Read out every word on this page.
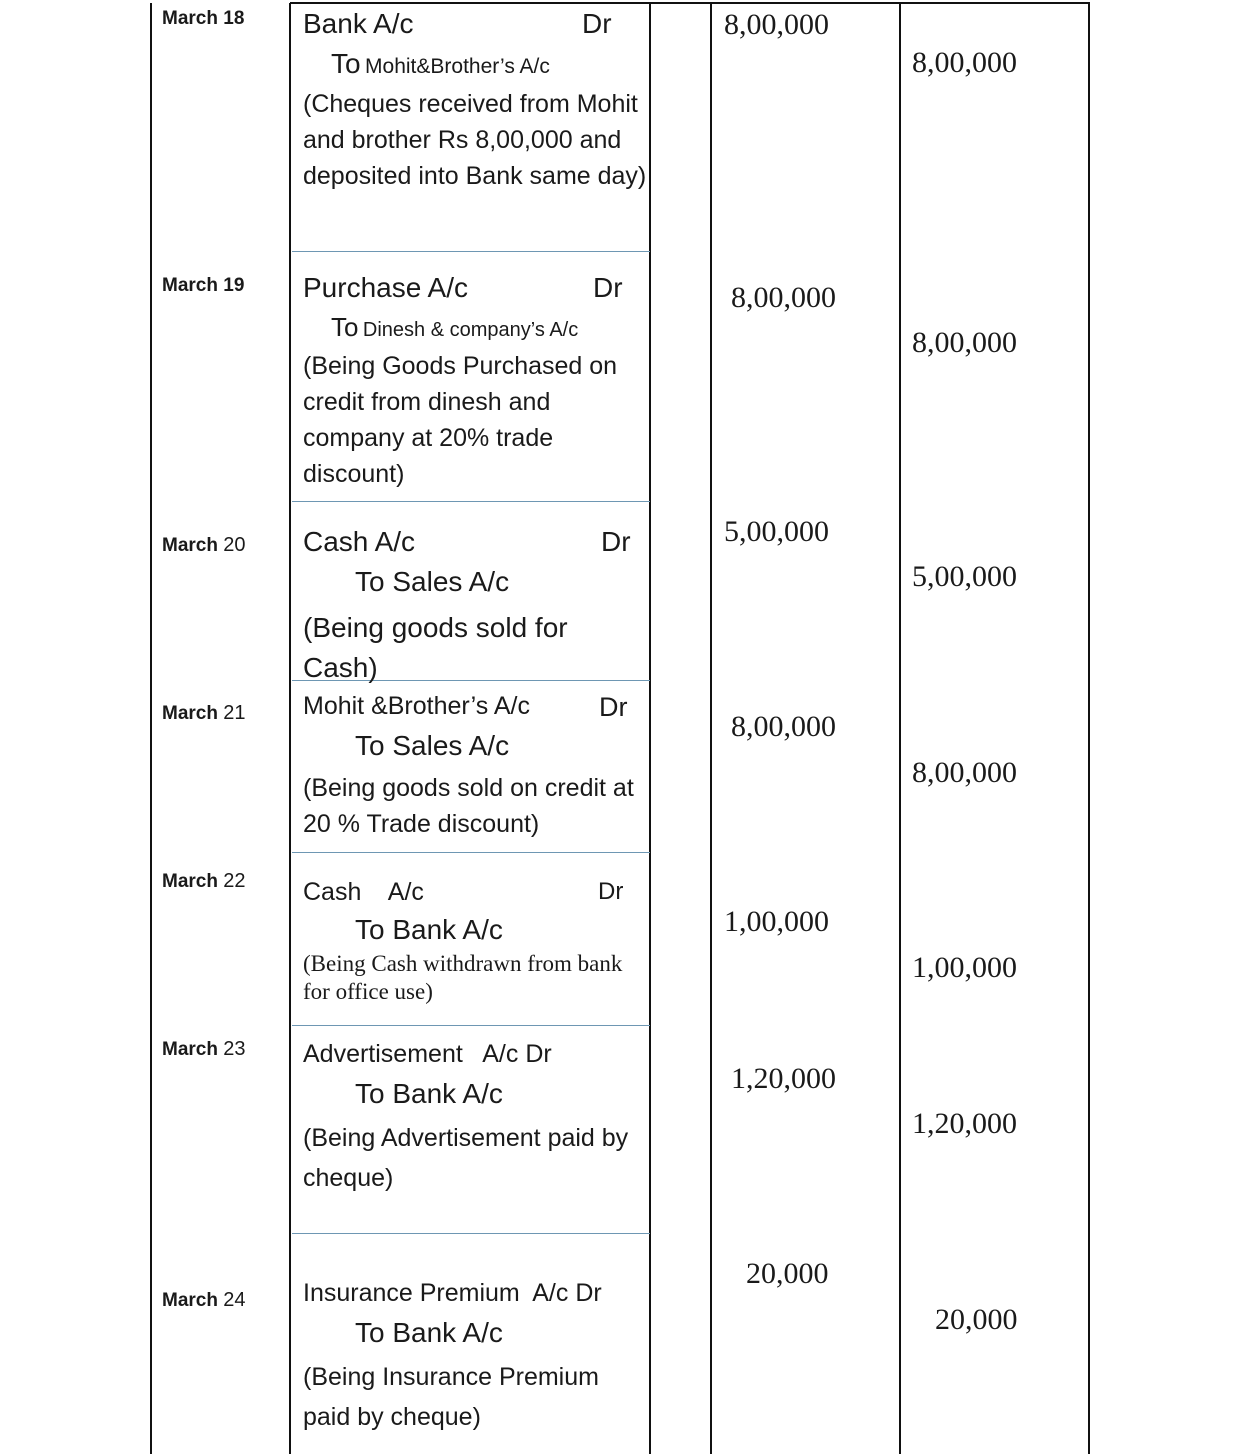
March 18 Bank A/c	Dr
To Mohit&Brother’s A/c
(Cheques received from Mohit and brother Rs 8,00,000 and deposited into Bank same day)
8,00,000
8,00,000
March 19 Purchase A/c	Dr
To Dinesh & company’s A/c
(Being Goods Purchased on credit from dinesh and company at 20% trade discount)
8,00,000
8,00,000
March 20 Cash A/c	Dr
To Sales A/c
(Being goods sold for Cash)
5,00,000
5,00,000
March 21 Mohit &Brother’s A/c	Dr
To Sales A/c
(Being goods sold on credit at 20 % Trade discount)
8,00,000
8,00,000
March 22 Cash    A/c	Dr
To Bank A/c
(Being Cash withdrawn from bank for office use)
1,00,000
1,00,000
March 23 Advertisement   A/c Dr
To Bank A/c
(Being Advertisement paid by cheque)
1,20,000
1,20,000
March 24 Insurance Premium  A/c Dr
To Bank A/c
(Being Insurance Premium paid by cheque)
20,000
20,000
